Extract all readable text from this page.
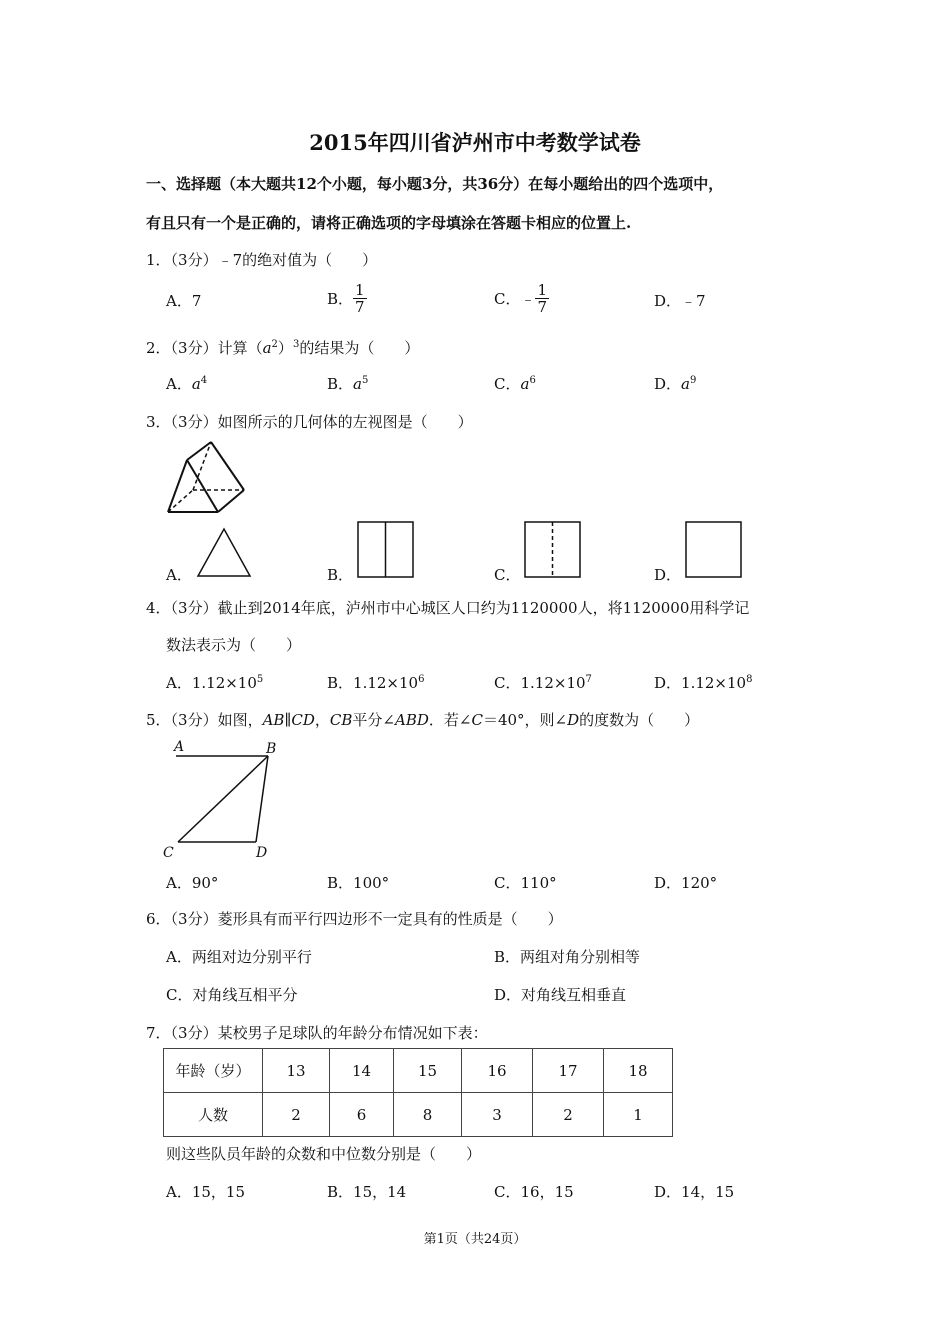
2015年四川省泸州市中考数学试卷
一、选择题（本大题共12个小题，每小题3分，共36分）在每小题给出的四个选项中，
有且只有一个是正确的，请将正确选项的字母填涂在答题卡相应的位置上.
1．（3分）﹣7的绝对值为（　　）
A．7	B． $\frac{1}{7}$	C．﹣ $\frac{1}{7}$	D．﹣7
2．（3分）计算$(a^2)^3$的结果为（　　）
A．$a^4$	B．$a^5$	C．$a^6$	D．$a^9$
3．（3分）如图所示的几何体的左视图是（　　）
A．	B．	C．	D．
4．（3分）截止到2014年底，泸州市中心城区人口约为1120000人，将1120000用科学记
数法表示为（　　）
A．$1.12\times 10^5$	B．$1.12\times 10^6$	C．$1.12\times 10^7$	D．$1.12\times 10^8$
5．（3分）如图，AB∥CD，CB平分∠ABD．若∠C＝40°，则∠D的度数为（　　）
A	B
C	D
A．90°	B．100°	C．110°	D．120°
6．（3分）菱形具有而平行四边形不一定具有的性质是（　　）
A．两组对边分别平行	B．两组对角分别相等
C．对角线互相平分	D．对角线互相垂直
7．（3分）某校男子足球队的年龄分布情况如下表：
年龄（岁）	13	14	15	16	17	18
人数	2	6	8	3	2	1
则这些队员年龄的众数和中位数分别是（　　）
A．15，15	B．15，14	C．16，15	D．14，15
第1页（共24页）
